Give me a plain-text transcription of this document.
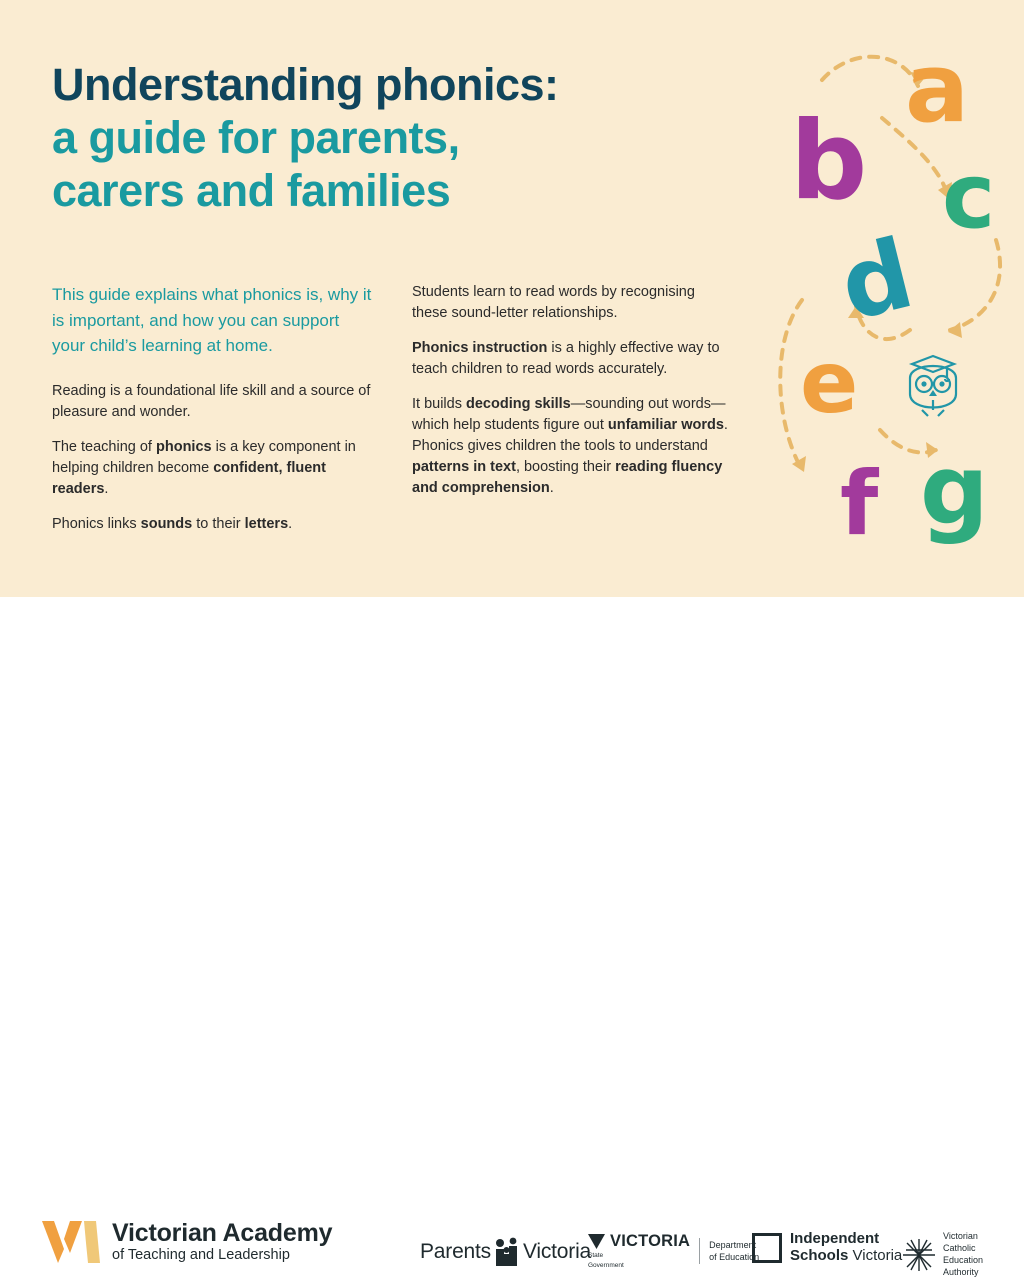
Understanding phonics:
a guide for parents,
carers and families
This guide explains what phonics is, why it is important, and how you can support your child’s learning at home.

Reading is a foundational life skill and a source of pleasure and wonder.

The teaching of phonics is a key component in helping children become confident, fluent readers.

Phonics links sounds to their letters.

Students learn to read words by recognising these sound-letter relationships.

Phonics instruction is a highly effective way to teach children to read words accurately.

It builds decoding skills—sounding out words—which help students figure out unfamiliar words. Phonics gives children the tools to understand patterns in text, boosting their reading fluency and comprehension.

a
b c
d
e
f g
Victorian Academy
of Teaching and Leadership	Parents Victoria VICTORIA
State
Government
Department
of Education
Independent
Schools Victoria
Victorian
Catholic
Education
Authority
